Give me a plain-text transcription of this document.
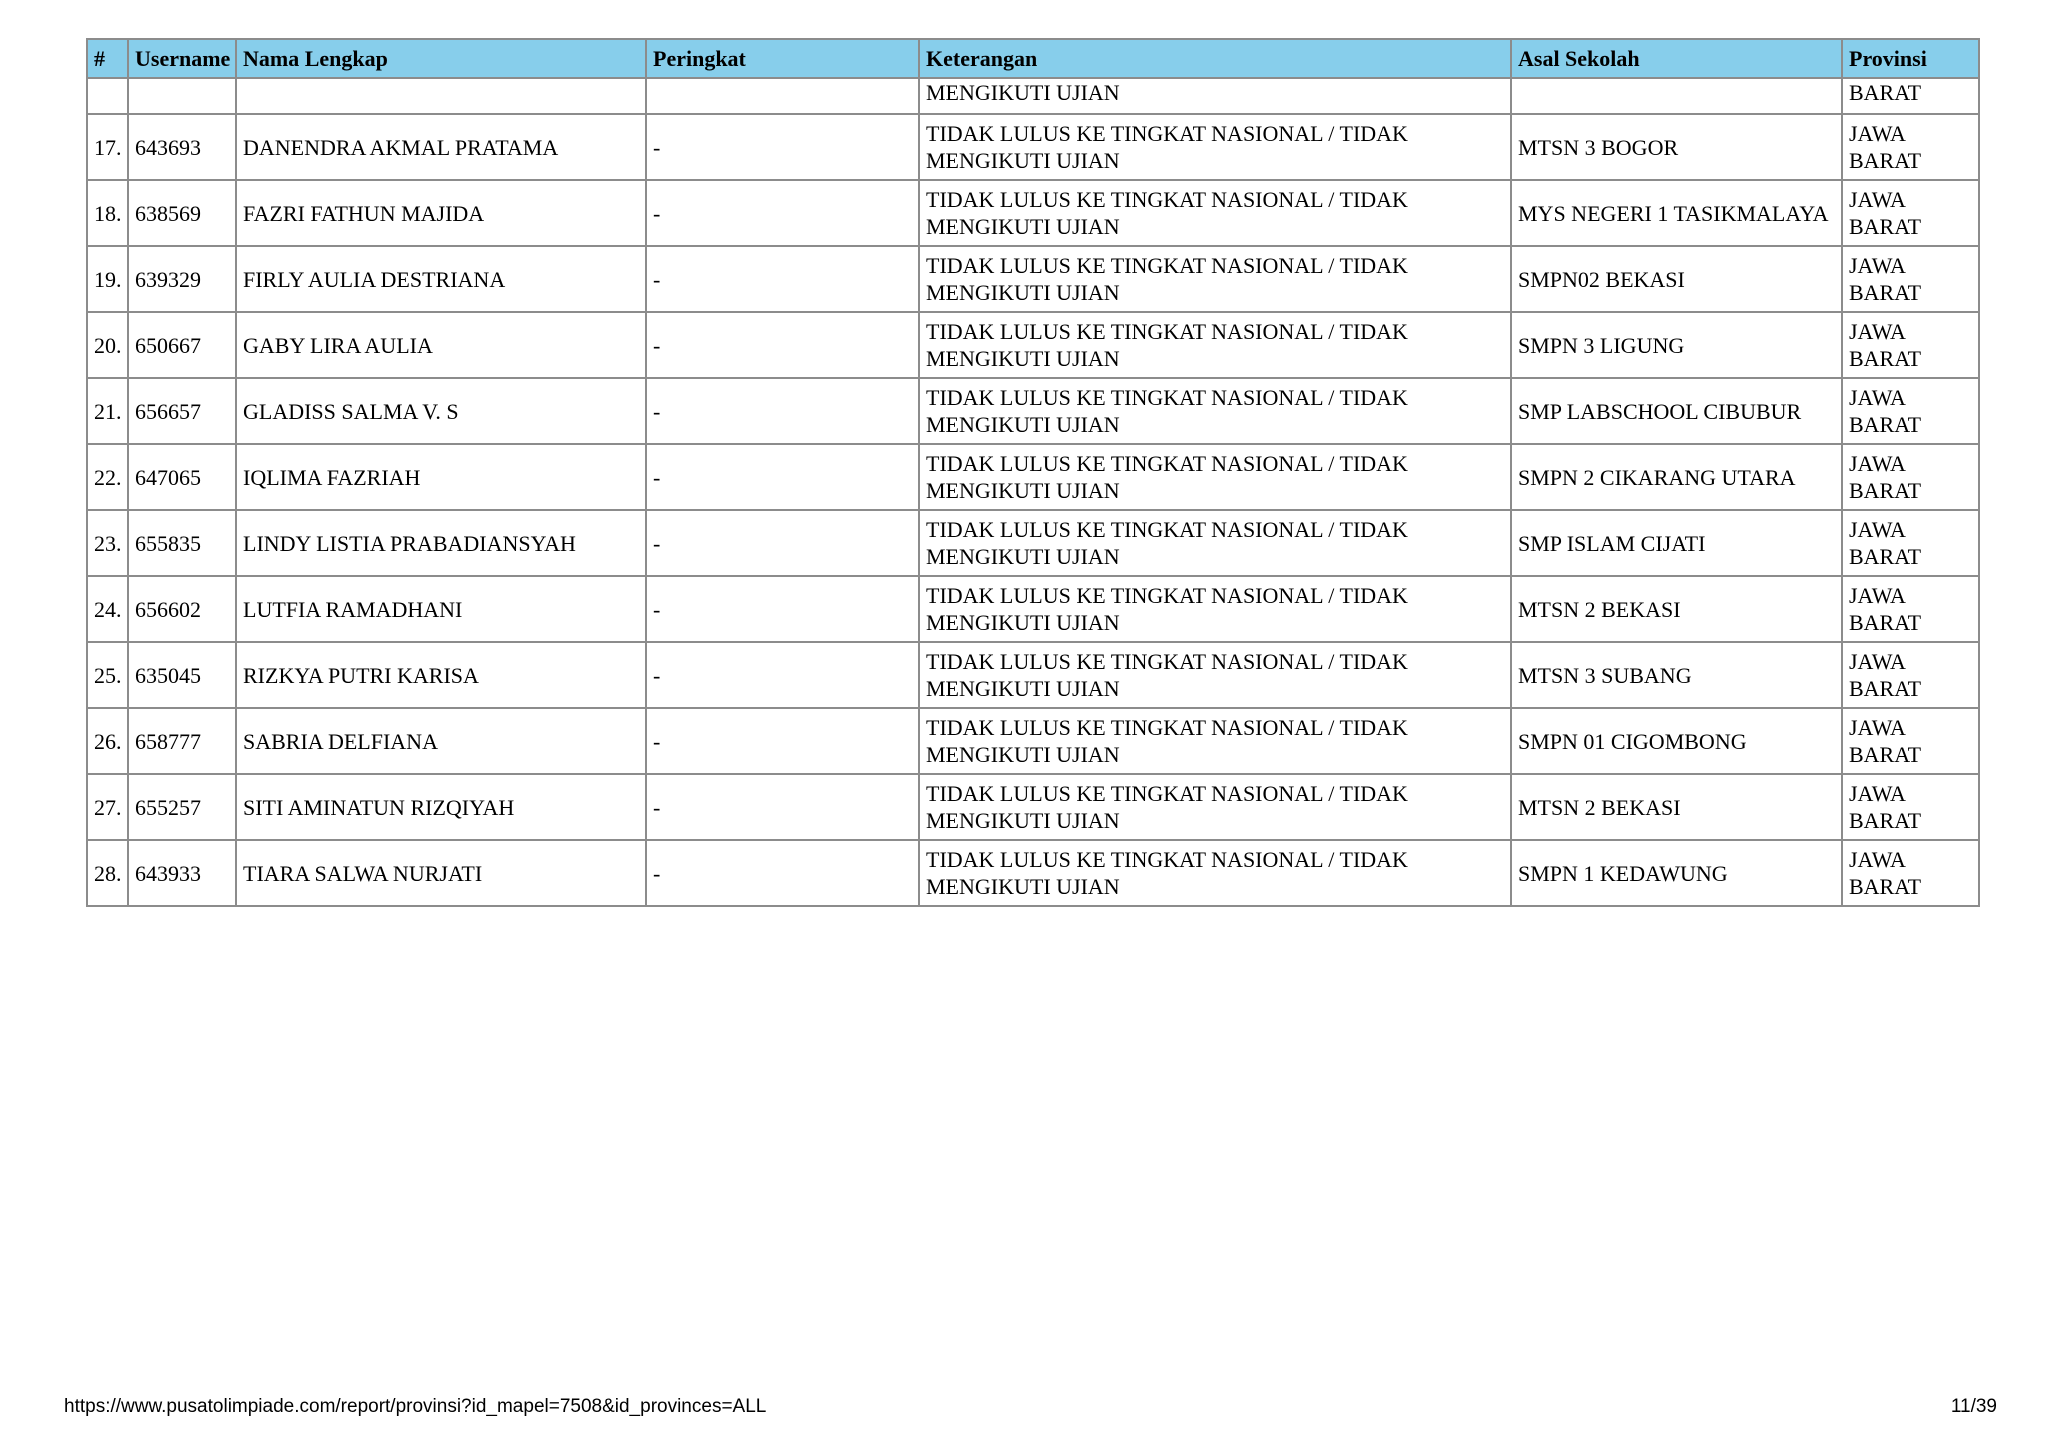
#	Username	Nama Lengkap	Peringkat	Keterangan	Asal Sekolah	Provinsi
				MENGIKUTI UJIAN		BARAT
17.	643693	DANENDRA AKMAL PRATAMA	-	TIDAK LULUS KE TINGKAT NASIONAL / TIDAK MENGIKUTI UJIAN	MTSN 3 BOGOR	JAWA BARAT
18.	638569	FAZRI FATHUN MAJIDA	-	TIDAK LULUS KE TINGKAT NASIONAL / TIDAK MENGIKUTI UJIAN	MYS NEGERI 1 TASIKMALAYA	JAWA BARAT
19.	639329	FIRLY AULIA DESTRIANA	-	TIDAK LULUS KE TINGKAT NASIONAL / TIDAK MENGIKUTI UJIAN	SMPN02 BEKASI	JAWA BARAT
20.	650667	GABY LIRA AULIA	-	TIDAK LULUS KE TINGKAT NASIONAL / TIDAK MENGIKUTI UJIAN	SMPN 3 LIGUNG	JAWA BARAT
21.	656657	GLADISS SALMA V. S	-	TIDAK LULUS KE TINGKAT NASIONAL / TIDAK MENGIKUTI UJIAN	SMP LABSCHOOL CIBUBUR	JAWA BARAT
22.	647065	IQLIMA FAZRIAH	-	TIDAK LULUS KE TINGKAT NASIONAL / TIDAK MENGIKUTI UJIAN	SMPN 2 CIKARANG UTARA	JAWA BARAT
23.	655835	LINDY LISTIA PRABADIANSYAH	-	TIDAK LULUS KE TINGKAT NASIONAL / TIDAK MENGIKUTI UJIAN	SMP ISLAM CIJATI	JAWA BARAT
24.	656602	LUTFIA RAMADHANI	-	TIDAK LULUS KE TINGKAT NASIONAL / TIDAK MENGIKUTI UJIAN	MTSN 2 BEKASI	JAWA BARAT
25.	635045	RIZKYA PUTRI KARISA	-	TIDAK LULUS KE TINGKAT NASIONAL / TIDAK MENGIKUTI UJIAN	MTSN 3 SUBANG	JAWA BARAT
26.	658777	SABRIA DELFIANA	-	TIDAK LULUS KE TINGKAT NASIONAL / TIDAK MENGIKUTI UJIAN	SMPN 01 CIGOMBONG	JAWA BARAT
27.	655257	SITI AMINATUN RIZQIYAH	-	TIDAK LULUS KE TINGKAT NASIONAL / TIDAK MENGIKUTI UJIAN	MTSN 2 BEKASI	JAWA BARAT
28.	643933	TIARA SALWA NURJATI	-	TIDAK LULUS KE TINGKAT NASIONAL / TIDAK MENGIKUTI UJIAN	SMPN 1 KEDAWUNG	JAWA BARAT
https://www.pusatolimpiade.com/report/provinsi?id_mapel=7508&id_provinces=ALL	11/39
